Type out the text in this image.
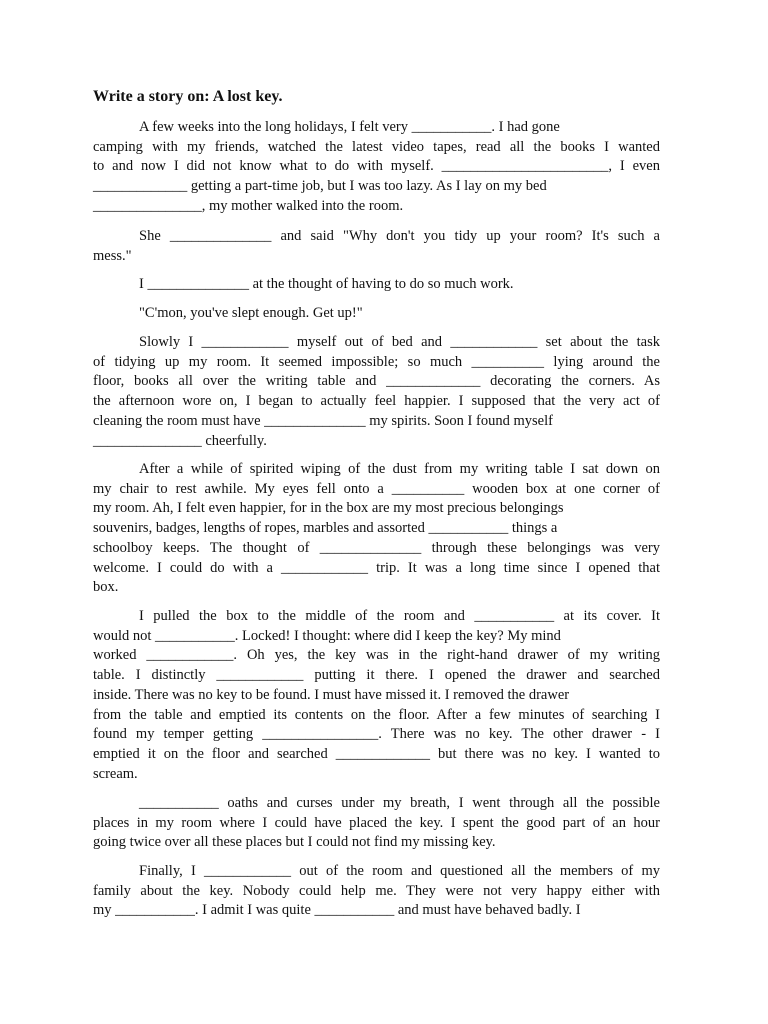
Write a story on: A lost key.
A few weeks into the long holidays, I felt very ___________. I had gone
camping with my friends, watched the latest video tapes, read all the books I wanted
to and now I did not know what to do with myself. _______________________, I even
_____________ getting a part-time job, but I was too lazy. As I lay on my bed
_______________, my mother walked into the room.
She ______________ and said "Why don't you tidy up your room? It's such a
mess."
I ______________ at the thought of having to do so much work.
"C'mon, you've slept enough. Get up!"
Slowly I ____________ myself out of bed and ____________ set about the task
of tidying up my room. It seemed impossible; so much __________ lying around the
floor, books all over the writing table and _____________ decorating the corners. As
the afternoon wore on, I began to actually feel happier. I supposed that the very act of
cleaning the room must have ______________ my spirits. Soon I found myself
_______________ cheerfully.
After a while of spirited wiping of the dust from my writing table I sat down on
my chair to rest awhile. My eyes fell onto a __________ wooden box at one corner of
my room. Ah, I felt even happier, for in the box are my most precious belongings
souvenirs, badges, lengths of ropes, marbles and assorted ___________ things a
schoolboy keeps. The thought of ______________ through these belongings was very
welcome. I could do with a ____________ trip. It was a long time since I opened that
box.
I pulled the box to the middle of the room and ___________ at its cover. It
would not ___________. Locked! I thought: where did I keep the key? My mind
worked ____________. Oh yes, the key was in the right-hand drawer of my writing
table. I distinctly ____________ putting it there. I opened the drawer and searched
inside. There was no key to be found. I must have missed it. I removed the drawer
from the table and emptied its contents on the floor. After a few minutes of searching I
found my temper getting ________________. There was no key. The other drawer - I
emptied it on the floor and searched _____________ but there was no key. I wanted to
scream.
___________ oaths and curses under my breath, I went through all the possible
places in my room where I could have placed the key. I spent the good part of an hour
going twice over all these places but I could not find my missing key.
Finally, I ____________ out of the room and questioned all the members of my
family about the key. Nobody could help me. They were not very happy either with
my ___________. I admit I was quite ___________ and must have behaved badly. I
